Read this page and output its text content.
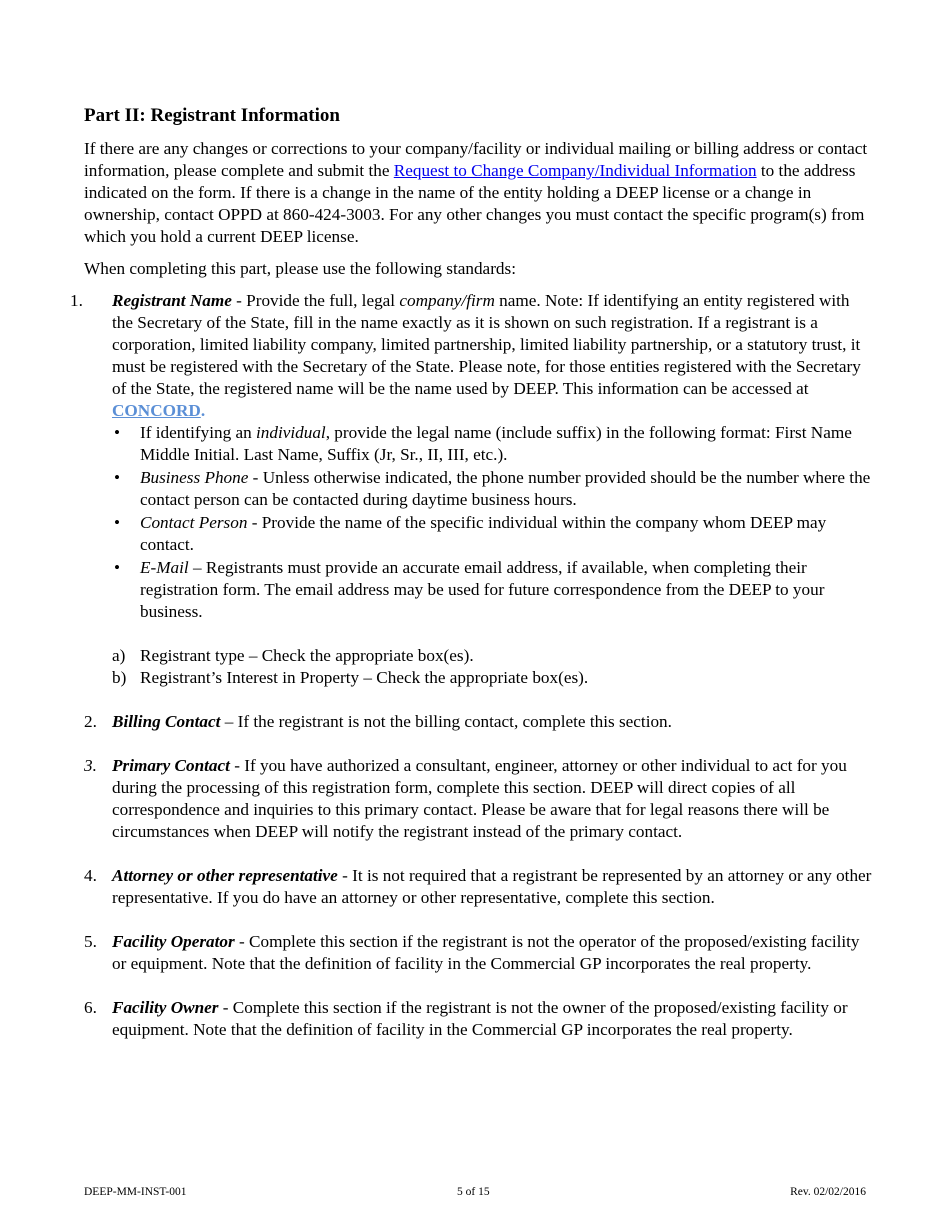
Part II: Registrant Information

If there are any changes or corrections to your company/facility or individual mailing or billing address or contact information, please complete and submit the Request to Change Company/Individual Information to the address indicated on the form. If there is a change in the name of the entity holding a DEEP license or a change in ownership, contact OPPD at 860-424-3003. For any other changes you must contact the specific program(s) from which you hold a current DEEP license.

When completing this part, please use the following standards:

1. Registrant Name - Provide the full, legal company/firm name. Note: If identifying an entity registered with the Secretary of the State, fill in the name exactly as it is shown on such registration. If a registrant is a corporation, limited liability company, limited partnership, limited liability partnership, or a statutory trust, it must be registered with the Secretary of the State. Please note, for those entities registered with the Secretary of the State, the registered name will be the name used by DEEP. This information can be accessed at CONCORD.
• If identifying an individual, provide the legal name (include suffix) in the following format: First Name Middle Initial. Last Name, Suffix (Jr, Sr., II, III, etc.).
• Business Phone - Unless otherwise indicated, the phone number provided should be the number where the contact person can be contacted during daytime business hours.
• Contact Person - Provide the name of the specific individual within the company whom DEEP may contact.
• E-Mail – Registrants must provide an accurate email address, if available, when completing their registration form. The email address may be used for future correspondence from the DEEP to your business.
a) Registrant type – Check the appropriate box(es).
b) Registrant’s Interest in Property – Check the appropriate box(es).
2. Billing Contact – If the registrant is not the billing contact, complete this section.
3. Primary Contact - If you have authorized a consultant, engineer, attorney or other individual to act for you during the processing of this registration form, complete this section. DEEP will direct copies of all correspondence and inquiries to this primary contact. Please be aware that for legal reasons there will be circumstances when DEEP will notify the registrant instead of the primary contact.
4. Attorney or other representative - It is not required that a registrant be represented by an attorney or any other representative. If you do have an attorney or other representative, complete this section.
5. Facility Operator - Complete this section if the registrant is not the operator of the proposed/existing facility or equipment. Note that the definition of facility in the Commercial GP incorporates the real property.
6. Facility Owner - Complete this section if the registrant is not the owner of the proposed/existing facility or equipment. Note that the definition of facility in the Commercial GP incorporates the real property.
DEEP-MM-INST-001	5 of 15	Rev. 02/02/2016
